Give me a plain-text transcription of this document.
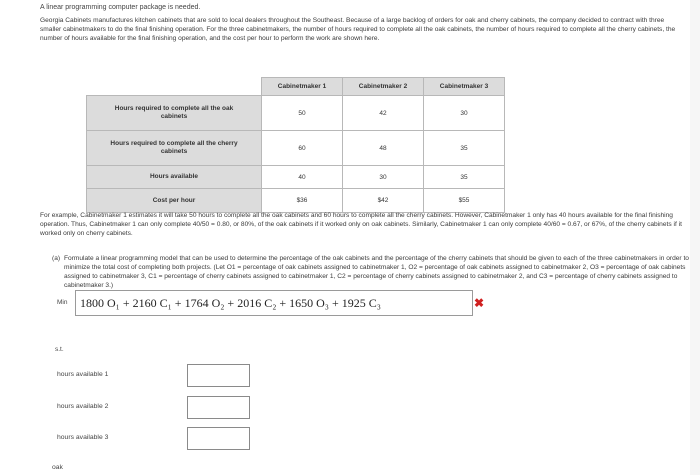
A linear programming computer package is needed.
Georgia Cabinets manufactures kitchen cabinets that are sold to local dealers throughout the Southeast. Because of a large backlog of orders for oak and cherry cabinets, the company decided to contract with three smaller cabinetmakers to do the final finishing operation. For the three cabinetmakers, the number of hours required to complete all the oak cabinets, the number of hours required to complete all the cherry cabinets, the number of hours available for the final finishing operation, and the cost per hour to perform the work are shown here.
	Cabinetmaker 1	Cabinetmaker 2	Cabinetmaker 3
Hours required to complete all the oak cabinets	50	42	30
Hours required to complete all the cherry cabinets	60	48	35
Hours available	40	30	35
Cost per hour	$36	$42	$55
For example, Cabinetmaker 1 estimates it will take 50 hours to complete all the oak cabinets and 60 hours to complete all the cherry cabinets. However, Cabinetmaker 1 only has 40 hours available for the final finishing operation. Thus, Cabinetmaker 1 can only complete 40/50 = 0.80, or 80%, of the oak cabinets if it worked only on oak cabinets. Similarly, Cabinetmaker 1 can only complete 40/60 = 0.67, or 67%, of the cherry cabinets if it worked only on cherry cabinets.
(a) Formulate a linear programming model that can be used to determine the percentage of the oak cabinets and the percentage of the cherry cabinets that should be given to each of the three cabinetmakers in order to minimize the total cost of completing both projects. (Let O1 = percentage of oak cabinets assigned to cabinetmaker 1, O2 = percentage of oak cabinets assigned to cabinetmaker 2, O3 = percentage of oak cabinets assigned to cabinetmaker 3, C1 = percentage of cherry cabinets assigned to cabinetmaker 1, C2 = percentage of cherry cabinets assigned to cabinetmaker 2, and C3 = percentage of cherry cabinets assigned to cabinetmaker 3.)
Min	1800 O₁ + 2160 C₁ + 1764 O₂ + 2016 C₂ + 1650 O₃ + 1925 C₃	✖
s.t.
hours available 1
hours available 2
hours available 3
oak
